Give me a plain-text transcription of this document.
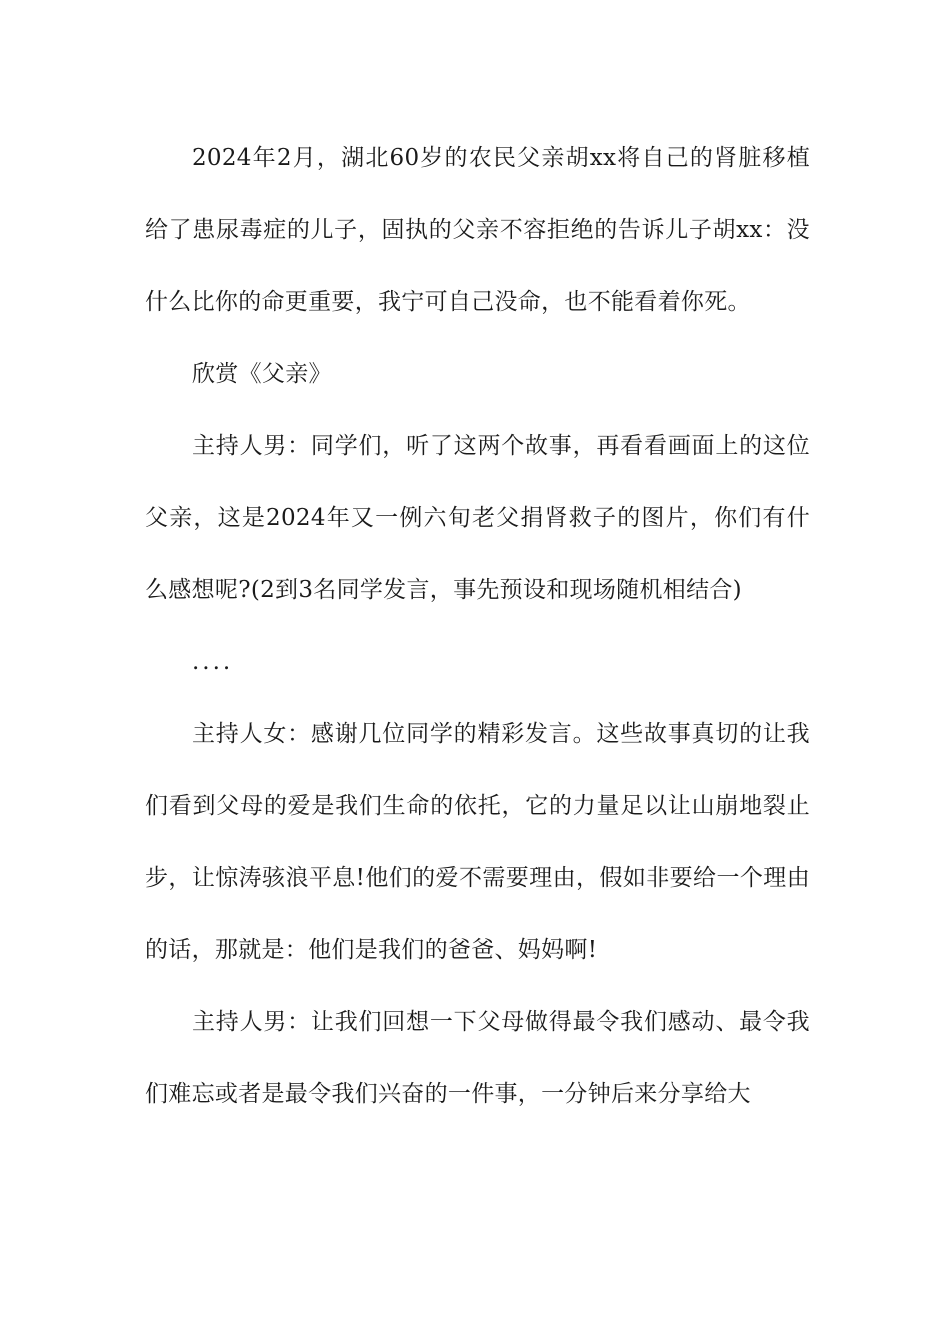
2024年2月，湖北60岁的农民父亲胡xx将自己的肾脏移植给了患尿毒症的儿子，固执的父亲不容拒绝的告诉儿子胡xx：没什么比你的命更重要，我宁可自己没命，也不能看着你死。

欣赏《父亲》

主持人男：同学们，听了这两个故事，再看看画面上的这位父亲，这是2024年又一例六旬老父捐肾救子的图片，你们有什么感想呢?(2到3名同学发言，事先预设和现场随机相结合)

....

主持人女：感谢几位同学的精彩发言。这些故事真切的让我们看到父母的爱是我们生命的依托，它的力量足以让山崩地裂止步，让惊涛骇浪平息!他们的爱不需要理由，假如非要给一个理由的话，那就是：他们是我们的爸爸、妈妈啊!

主持人男：让我们回想一下父母做得最令我们感动、最令我们难忘或者是最令我们兴奋的一件事，一分钟后来分享给大
